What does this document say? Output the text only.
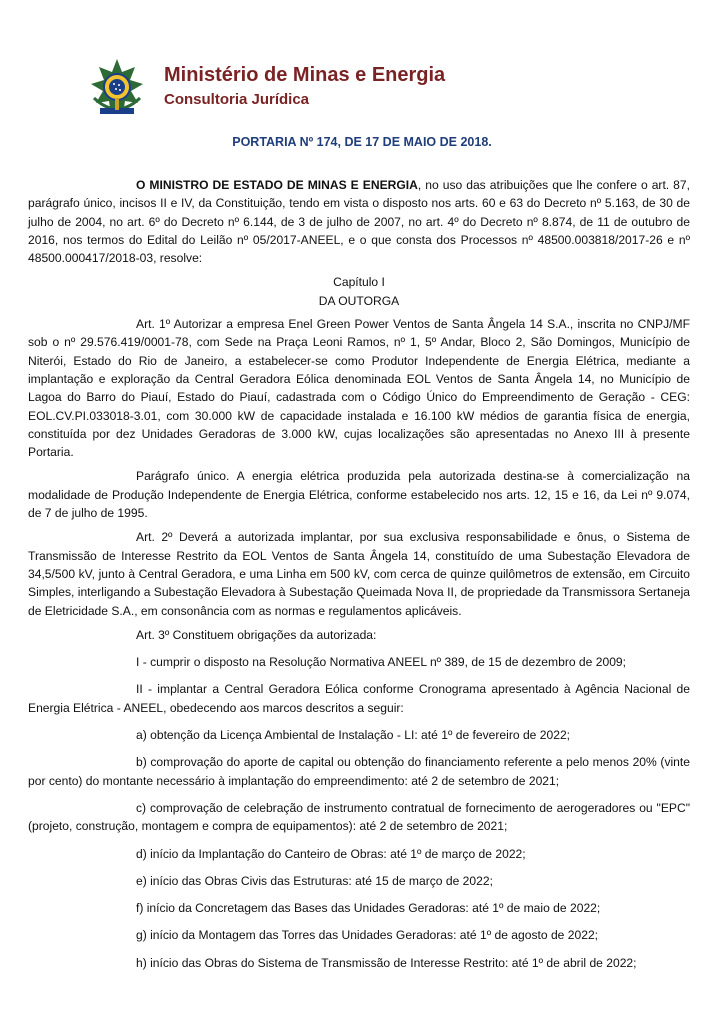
Ministério de Minas e Energia
Consultoria Jurídica
PORTARIA Nº 174, DE 17 DE MAIO DE 2018.

O MINISTRO DE ESTADO DE MINAS E ENERGIA, no uso das atribuições que lhe confere o art. 87, parágrafo único, incisos II e IV, da Constituição, tendo em vista o disposto nos arts. 60 e 63 do Decreto nº 5.163, de 30 de julho de 2004, no art. 6º do Decreto nº 6.144, de 3 de julho de 2007, no art. 4º do Decreto nº 8.874, de 11 de outubro de 2016, nos termos do Edital do Leilão nº 05/2017-ANEEL, e o que consta dos Processos nº 48500.003818/2017-26 e nº 48500.000417/2018-03, resolve:

Capítulo I

DA OUTORGA

Art. 1º Autorizar a empresa Enel Green Power Ventos de Santa Ângela 14 S.A., inscrita no CNPJ/MF sob o nº 29.576.419/0001-78, com Sede na Praça Leoni Ramos, nº 1, 5º Andar, Bloco 2, São Domingos, Município de Niterói, Estado do Rio de Janeiro, a estabelecer-se como Produtor Independente de Energia Elétrica, mediante a implantação e exploração da Central Geradora Eólica denominada EOL Ventos de Santa Ângela 14, no Município de Lagoa do Barro do Piauí, Estado do Piauí, cadastrada com o Código Único do Empreendimento de Geração - CEG: EOL.CV.PI.033018-3.01, com 30.000 kW de capacidade instalada e 16.100 kW médios de garantia física de energia, constituída por dez Unidades Geradoras de 3.000 kW, cujas localizações são apresentadas no Anexo III à presente Portaria.

Parágrafo único. A energia elétrica produzida pela autorizada destina-se à comercialização na modalidade de Produção Independente de Energia Elétrica, conforme estabelecido nos arts. 12, 15 e 16, da Lei nº 9.074, de 7 de julho de 1995.

Art. 2º Deverá a autorizada implantar, por sua exclusiva responsabilidade e ônus, o Sistema de Transmissão de Interesse Restrito da EOL Ventos de Santa Ângela 14, constituído de uma Subestação Elevadora de 34,5/500 kV, junto à Central Geradora, e uma Linha em 500 kV, com cerca de quinze quilômetros de extensão, em Circuito Simples, interligando a Subestação Elevadora à Subestação Queimada Nova II, de propriedade da Transmissora Sertaneja de Eletricidade S.A., em consonância com as normas e regulamentos aplicáveis.

Art. 3º Constituem obrigações da autorizada:

I - cumprir o disposto na Resolução Normativa ANEEL nº 389, de 15 de dezembro de 2009;

II - implantar a Central Geradora Eólica conforme Cronograma apresentado à Agência Nacional de Energia Elétrica - ANEEL, obedecendo aos marcos descritos a seguir:

a) obtenção da Licença Ambiental de Instalação - LI: até 1º de fevereiro de 2022;

b) comprovação do aporte de capital ou obtenção do financiamento referente a pelo menos 20% (vinte por cento) do montante necessário à implantação do empreendimento: até 2 de setembro de 2021;

c) comprovação de celebração de instrumento contratual de fornecimento de aerogeradores ou "EPC" (projeto, construção, montagem e compra de equipamentos): até 2 de setembro de 2021;

d) início da Implantação do Canteiro de Obras: até 1º de março de 2022;

e) início das Obras Civis das Estruturas: até 15 de março de 2022;

f) início da Concretagem das Bases das Unidades Geradoras: até 1º de maio de 2022;

g) início da Montagem das Torres das Unidades Geradoras: até 1º de agosto de 2022;

h) início das Obras do Sistema de Transmissão de Interesse Restrito: até 1º de abril de 2022;
